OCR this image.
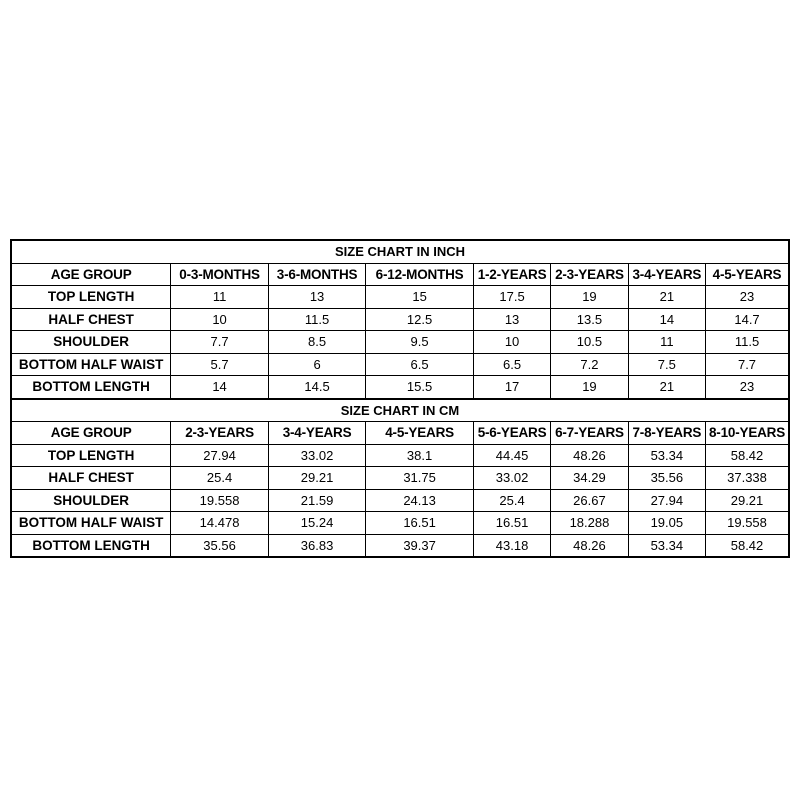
SIZE CHART IN INCH							
AGE GROUP	0-3-MONTHS	3-6-MONTHS	6-12-MONTHS	1-2-YEARS	2-3-YEARS	3-4-YEARS	4-5-YEARS
TOP LENGTH	11	13	15	17.5	19	21	23
HALF CHEST	10	11.5	12.5	13	13.5	14	14.7
SHOULDER	7.7	8.5	9.5	10	10.5	11	11.5
BOTTOM HALF WAIST	5.7	6	6.5	6.5	7.2	7.5	7.7
BOTTOM LENGTH	14	14.5	15.5	17	19	21	23
SIZE CHART IN CM							
AGE GROUP	2-3-YEARS	3-4-YEARS	4-5-YEARS	5-6-YEARS	6-7-YEARS	7-8-YEARS	8-10-YEARS
TOP LENGTH	27.94	33.02	38.1	44.45	48.26	53.34	58.42
HALF CHEST	25.4	29.21	31.75	33.02	34.29	35.56	37.338
SHOULDER	19.558	21.59	24.13	25.4	26.67	27.94	29.21
BOTTOM HALF WAIST	14.478	15.24	16.51	16.51	18.288	19.05	19.558
BOTTOM LENGTH	35.56	36.83	39.37	43.18	48.26	53.34	58.42
